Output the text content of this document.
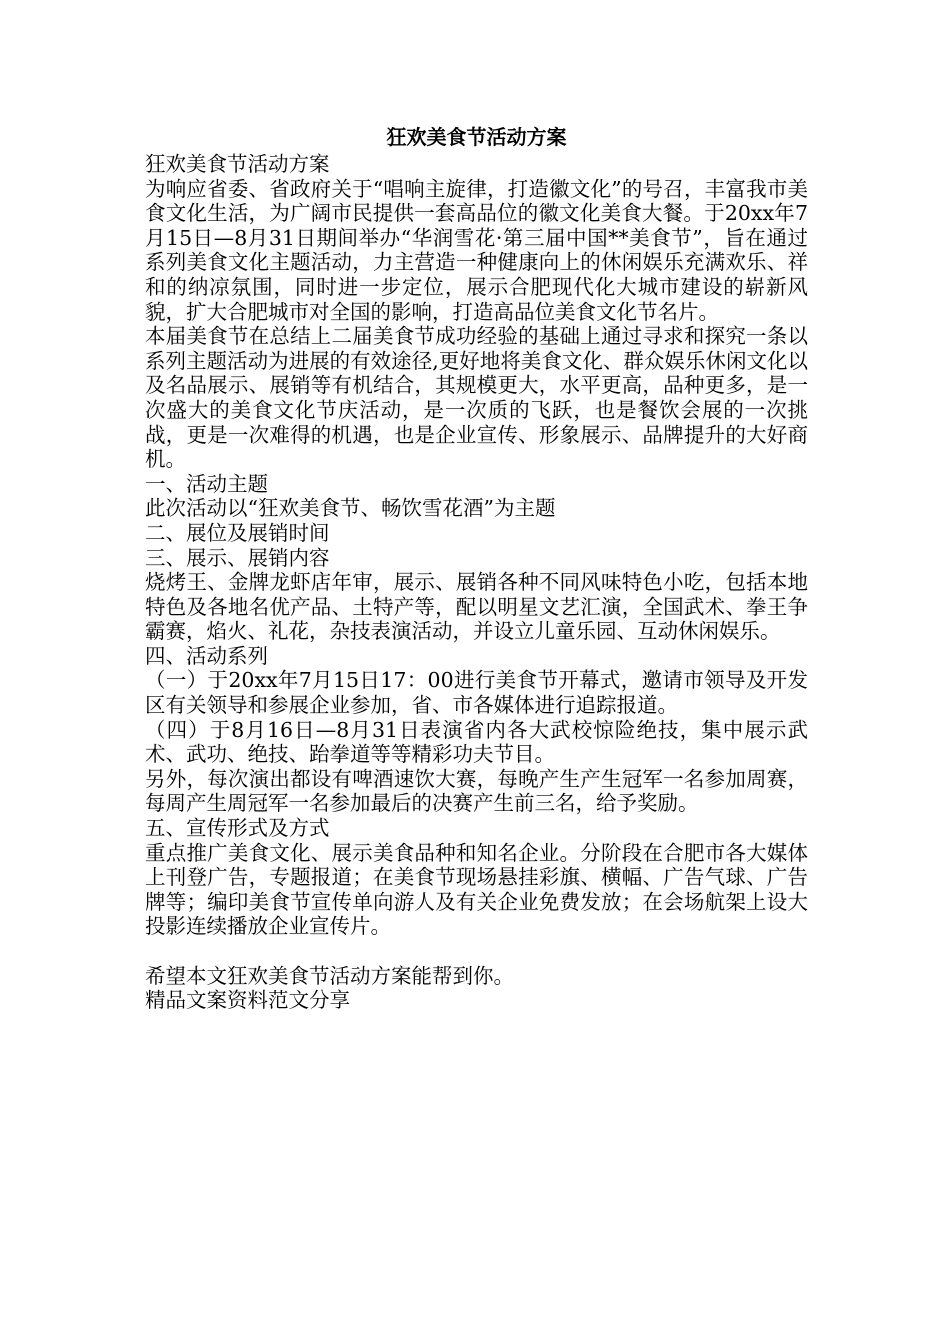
狂欢美食节活动方案

狂欢美食节活动方案

为响应省委、省政府关于“唱响主旋律，打造徽文化”的号召，丰富我市美食文化生活，为广阔市民提供一套高品位的徽文化美食大餐。于20xx年7月15日—8月31日期间举办“华润雪花·第三届中国**美食节”，旨在通过系列美食文化主题活动，力主营造一种健康向上的休闲娱乐充满欢乐、祥和的纳凉氛围，同时进一步定位，展示合肥现代化大城市建设的崭新风貌，扩大合肥城市对全国的影响，打造高品位美食文化节名片。

本届美食节在总结上二届美食节成功经验的基础上通过寻求和探究一条以系列主题活动为进展的有效途径,更好地将美食文化、群众娱乐休闲文化以及名品展示、展销等有机结合，其规模更大，水平更高，品种更多，是一次盛大的美食文化节庆活动，是一次质的飞跃，也是餐饮会展的一次挑战，更是一次难得的机遇，也是企业宣传、形象展示、品牌提升的大好商机。

一、活动主题

此次活动以“狂欢美食节、畅饮雪花酒”为主题

二、展位及展销时间

三、展示、展销内容

烧烤王、金牌龙虾店年审，展示、展销各种不同风味特色小吃，包括本地特色及各地名优产品、土特产等，配以明星文艺汇演，全国武术、拳王争霸赛，焰火、礼花，杂技表演活动，并设立儿童乐园、互动休闲娱乐。

四、活动系列

（一）于20xx年7月15日17：00进行美食节开幕式，邀请市领导及开发区有关领导和参展企业参加，省、市各媒体进行追踪报道。

（四）于8月16日—8月31日表演省内各大武校惊险绝技，集中展示武术、武功、绝技、跆拳道等等精彩功夫节目。

另外，每次演出都设有啤酒速饮大赛，每晚产生产生冠军一名参加周赛，每周产生周冠军一名参加最后的决赛产生前三名，给予奖励。

五、宣传形式及方式

重点推广美食文化、展示美食品种和知名企业。分阶段在合肥市各大媒体上刊登广告，专题报道；在美食节现场悬挂彩旗、横幅、广告气球、广告牌等；编印美食节宣传单向游人及有关企业免费发放；在会场航架上设大投影连续播放企业宣传片。

希望本文狂欢美食节活动方案能帮到你。

精品文案资料范文分享
